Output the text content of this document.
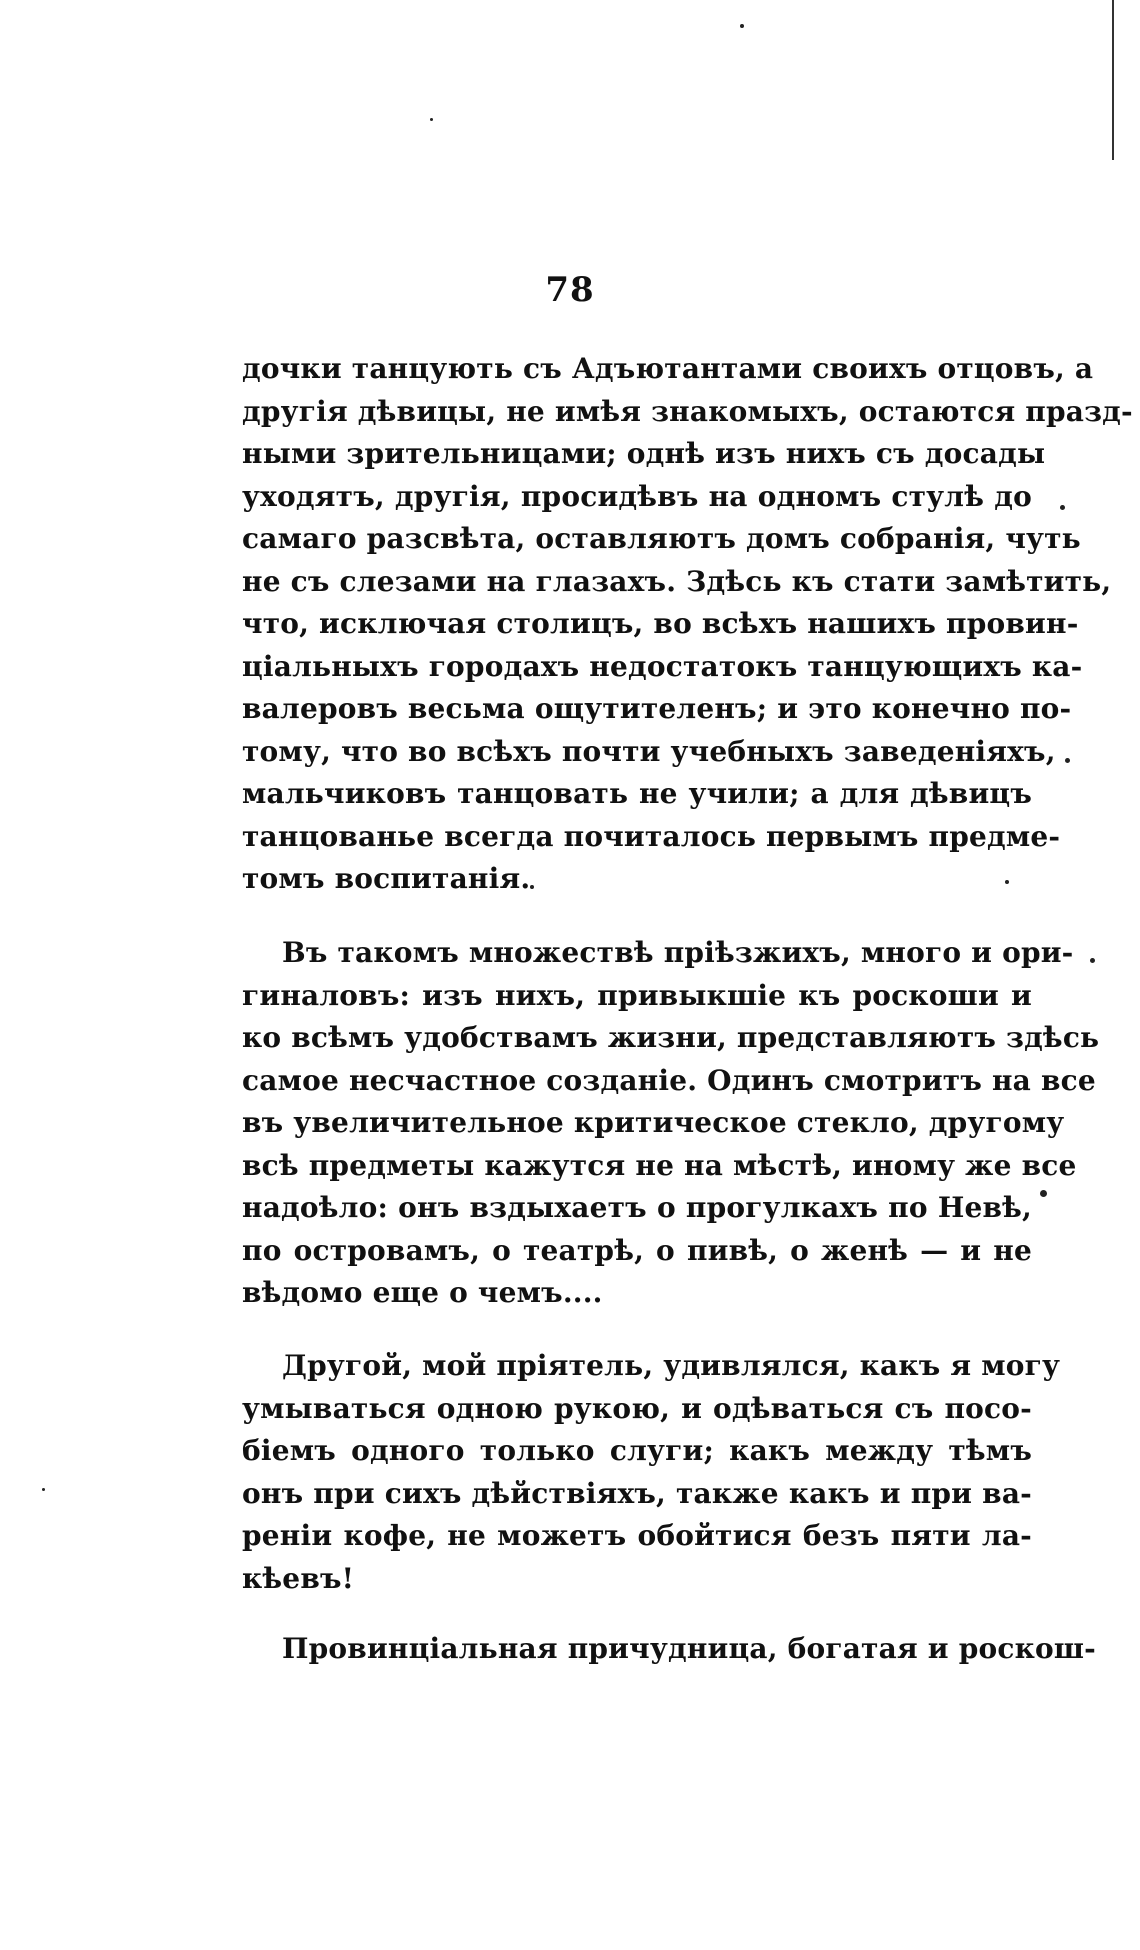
78
дочки танцують съ Адъютантами своихъ отцовъ, а
другія дѣвицы, не имѣя знакомыхъ, остаются празд-
ными зрительницами; однѣ изъ нихъ съ досады
уходятъ, другія, просидѣвъ на одномъ стулѣ до
самаго разсвѣта, оставляютъ домъ собранія, чуть
не съ слезами на глазахъ. Здѣсь къ стати замѣтить,
что, исключая столицъ, во всѣхъ нашихъ провин-
ціальныхъ городахъ недостатокъ танцующихъ ка-
валеровъ весьма ощутителенъ; и это конечно по-
тому, что во всѣхъ почти учебныхъ заведеніяхъ,
мальчиковъ танцовать не учили; а для дѣвицъ
танцованье всегда почиталось первымъ предме-
томъ воспитанія.
Въ такомъ множествѣ пріѣзжихъ, много и ори-
гиналовъ: изъ нихъ, привыкшіе къ роскоши и
ко всѣмъ удобствамъ жизни, представляютъ здѣсь
самое несчастное созданіе. Одинъ смотритъ на все
въ увеличительное критическое стекло, другому
всѣ предметы кажутся не на мѣстѣ, иному же все
надоѣло: онъ вздыхаетъ о прогулкахъ по Невѣ,
по островамъ, о театрѣ, о пивѣ, о женѣ — и не
вѣдомо еще о чемъ....
Другой, мой пріятель, удивлялся, какъ я могу
умываться одною рукою, и одѣваться съ посо-
біемъ одного только слуги; какъ между тѣмъ
онъ при сихъ дѣйствіяхъ, также какъ и при ва-
реніи кофе, не можетъ обойтися безъ пяти ла-
кѣевъ!
Провинціальная причудница, богатая и роскош-
